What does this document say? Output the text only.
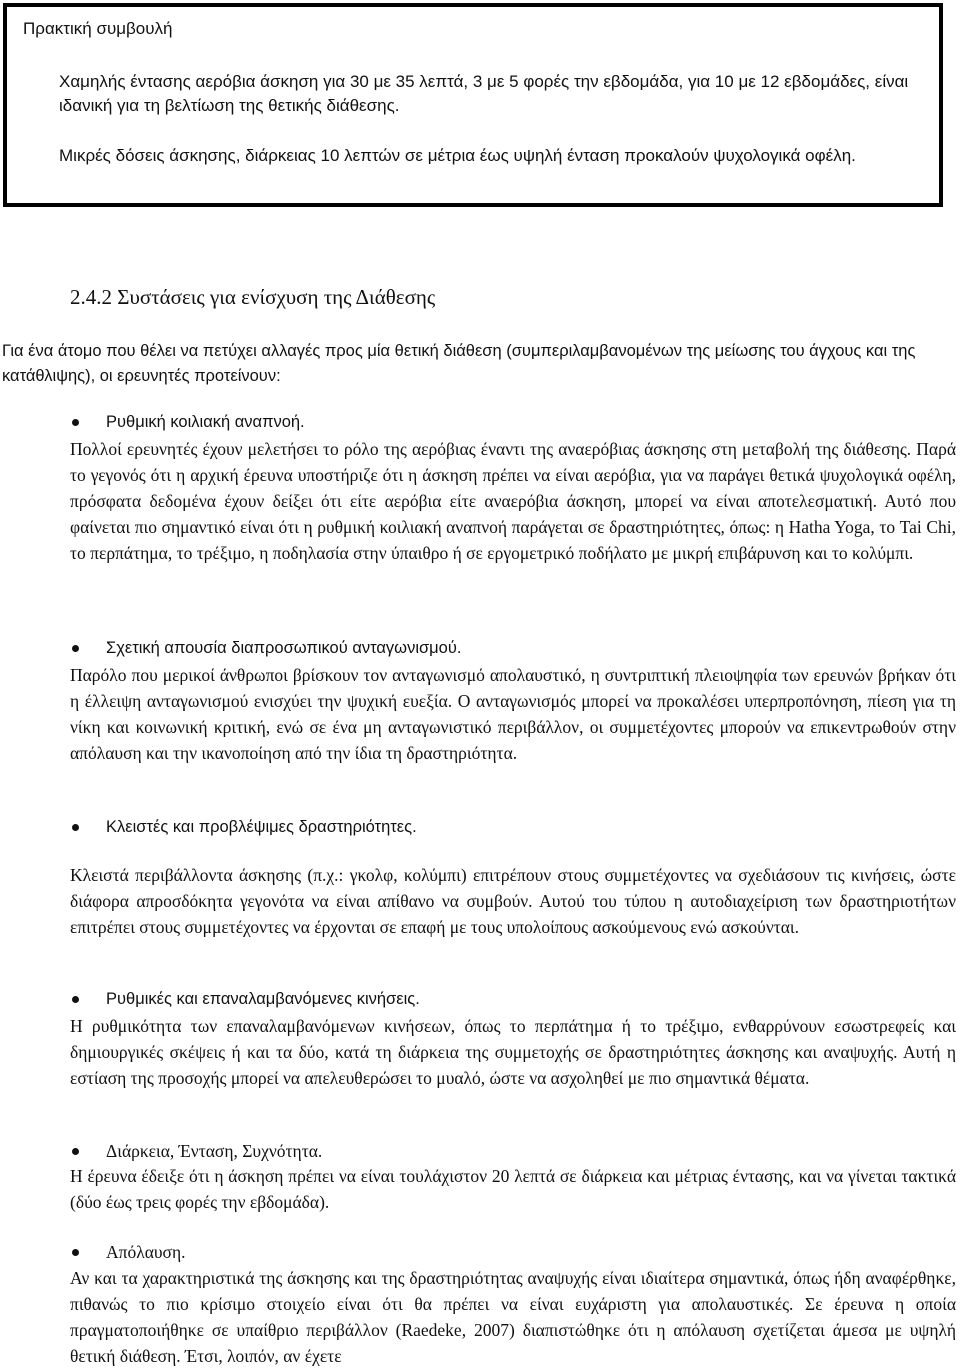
Πρακτική συμβουλή

Χαμηλής έντασης αερόβια άσκηση για 30 με 35 λεπτά, 3 με 5 φορές την εβδομάδα, για 10 με 12 εβδομάδες, είναι ιδανική για τη βελτίωση της θετικής διάθεσης.

Μικρές δόσεις άσκησης, διάρκειας 10 λεπτών σε μέτρια έως υψηλή ένταση προκαλούν ψυχολογικά οφέλη.

2.4.2 Συστάσεις για ενίσχυση της Διάθεσης

Για ένα άτομο που θέλει να πετύχει αλλαγές προς μία θετική διάθεση (συμπεριλαμβανομένων της μείωσης του άγχους και της κατάθλιψης), οι ερευνητές προτείνουν:

Ρυθμική κοιλιακή αναπνοή.

Πολλοί ερευνητές έχουν μελετήσει το ρόλο της αερόβιας έναντι της αναερόβιας άσκησης στη μεταβολή της διάθεσης. Παρά το γεγονός ότι η αρχική έρευνα υποστήριζε ότι η άσκηση πρέπει να είναι αερόβια, για να παράγει θετικά ψυχολογικά οφέλη, πρόσφατα δεδομένα έχουν δείξει ότι είτε αερόβια είτε αναερόβια άσκηση, μπορεί να είναι αποτελεσματική. Αυτό που φαίνεται πιο σημαντικό είναι ότι η ρυθμική κοιλιακή αναπνοή παράγεται σε δραστηριότητες, όπως: η Hatha Yoga, το Tai Chi, το περπάτημα, το τρέξιμο, η ποδηλασία στην ύπαιθρο ή σε εργομετρικό ποδήλατο με μικρή επιβάρυνση και το κολύμπι.

Σχετική απουσία διαπροσωπικού ανταγωνισμού.

Παρόλο που μερικοί άνθρωποι βρίσκουν τον ανταγωνισμό απολαυστικό, η συντριπτική πλειοψηφία των ερευνών βρήκαν ότι η έλλειψη ανταγωνισμού ενισχύει την ψυχική ευεξία. Ο ανταγωνισμός μπορεί να προκαλέσει υπερπροπόνηση, πίεση για τη νίκη και κοινωνική κριτική, ενώ σε ένα μη ανταγωνιστικό περιβάλλον, οι συμμετέχοντες μπορούν να επικεντρωθούν στην απόλαυση και την ικανοποίηση από την ίδια τη δραστηριότητα.

Κλειστές και προβλέψιμες δραστηριότητες.

Κλειστά περιβάλλοντα άσκησης (π.χ.: γκολφ, κολύμπι) επιτρέπουν στους συμμετέχοντες να σχεδιάσουν τις κινήσεις, ώστε διάφορα απροσδόκητα γεγονότα να είναι απίθανο να συμβούν. Αυτού του τύπου η αυτοδιαχείριση των δραστηριοτήτων επιτρέπει στους συμμετέχοντες να έρχονται σε επαφή με τους υπολοίπους ασκούμενους ενώ ασκούνται.

Ρυθμικές και επαναλαμβανόμενες κινήσεις.

Η ρυθμικότητα των επαναλαμβανόμενων κινήσεων, όπως το περπάτημα ή το τρέξιμο, ενθαρρύνουν εσωστρεφείς και δημιουργικές σκέψεις ή και τα δύο, κατά τη διάρκεια της συμμετοχής σε δραστηριότητες άσκησης και αναψυχής. Αυτή η εστίαση της προσοχής μπορεί να απελευθερώσει το μυαλό, ώστε να ασχοληθεί με πιο σημαντικά θέματα.

Διάρκεια, Ένταση, Συχνότητα.

Η έρευνα έδειξε ότι η άσκηση πρέπει να είναι τουλάχιστον 20 λεπτά σε διάρκεια και μέτριας έντασης, και να γίνεται τακτικά (δύο έως τρεις φορές την εβδομάδα).

Απόλαυση.

Αν και τα χαρακτηριστικά της άσκησης και της δραστηριότητας αναψυχής είναι ιδιαίτερα σημαντικά, όπως ήδη αναφέρθηκε, πιθανώς το πιο κρίσιμο στοιχείο είναι ότι θα πρέπει να είναι ευχάριστη για απολαυστικές. Σε έρευνα η οποία πραγματοποιήθηκε σε υπαίθριο περιβάλλον (Raedeke, 2007) διαπιστώθηκε ότι η απόλαυση σχετίζεται άμεσα με υψηλή θετική διάθεση. Έτσι, λοιπόν, αν έχετε
